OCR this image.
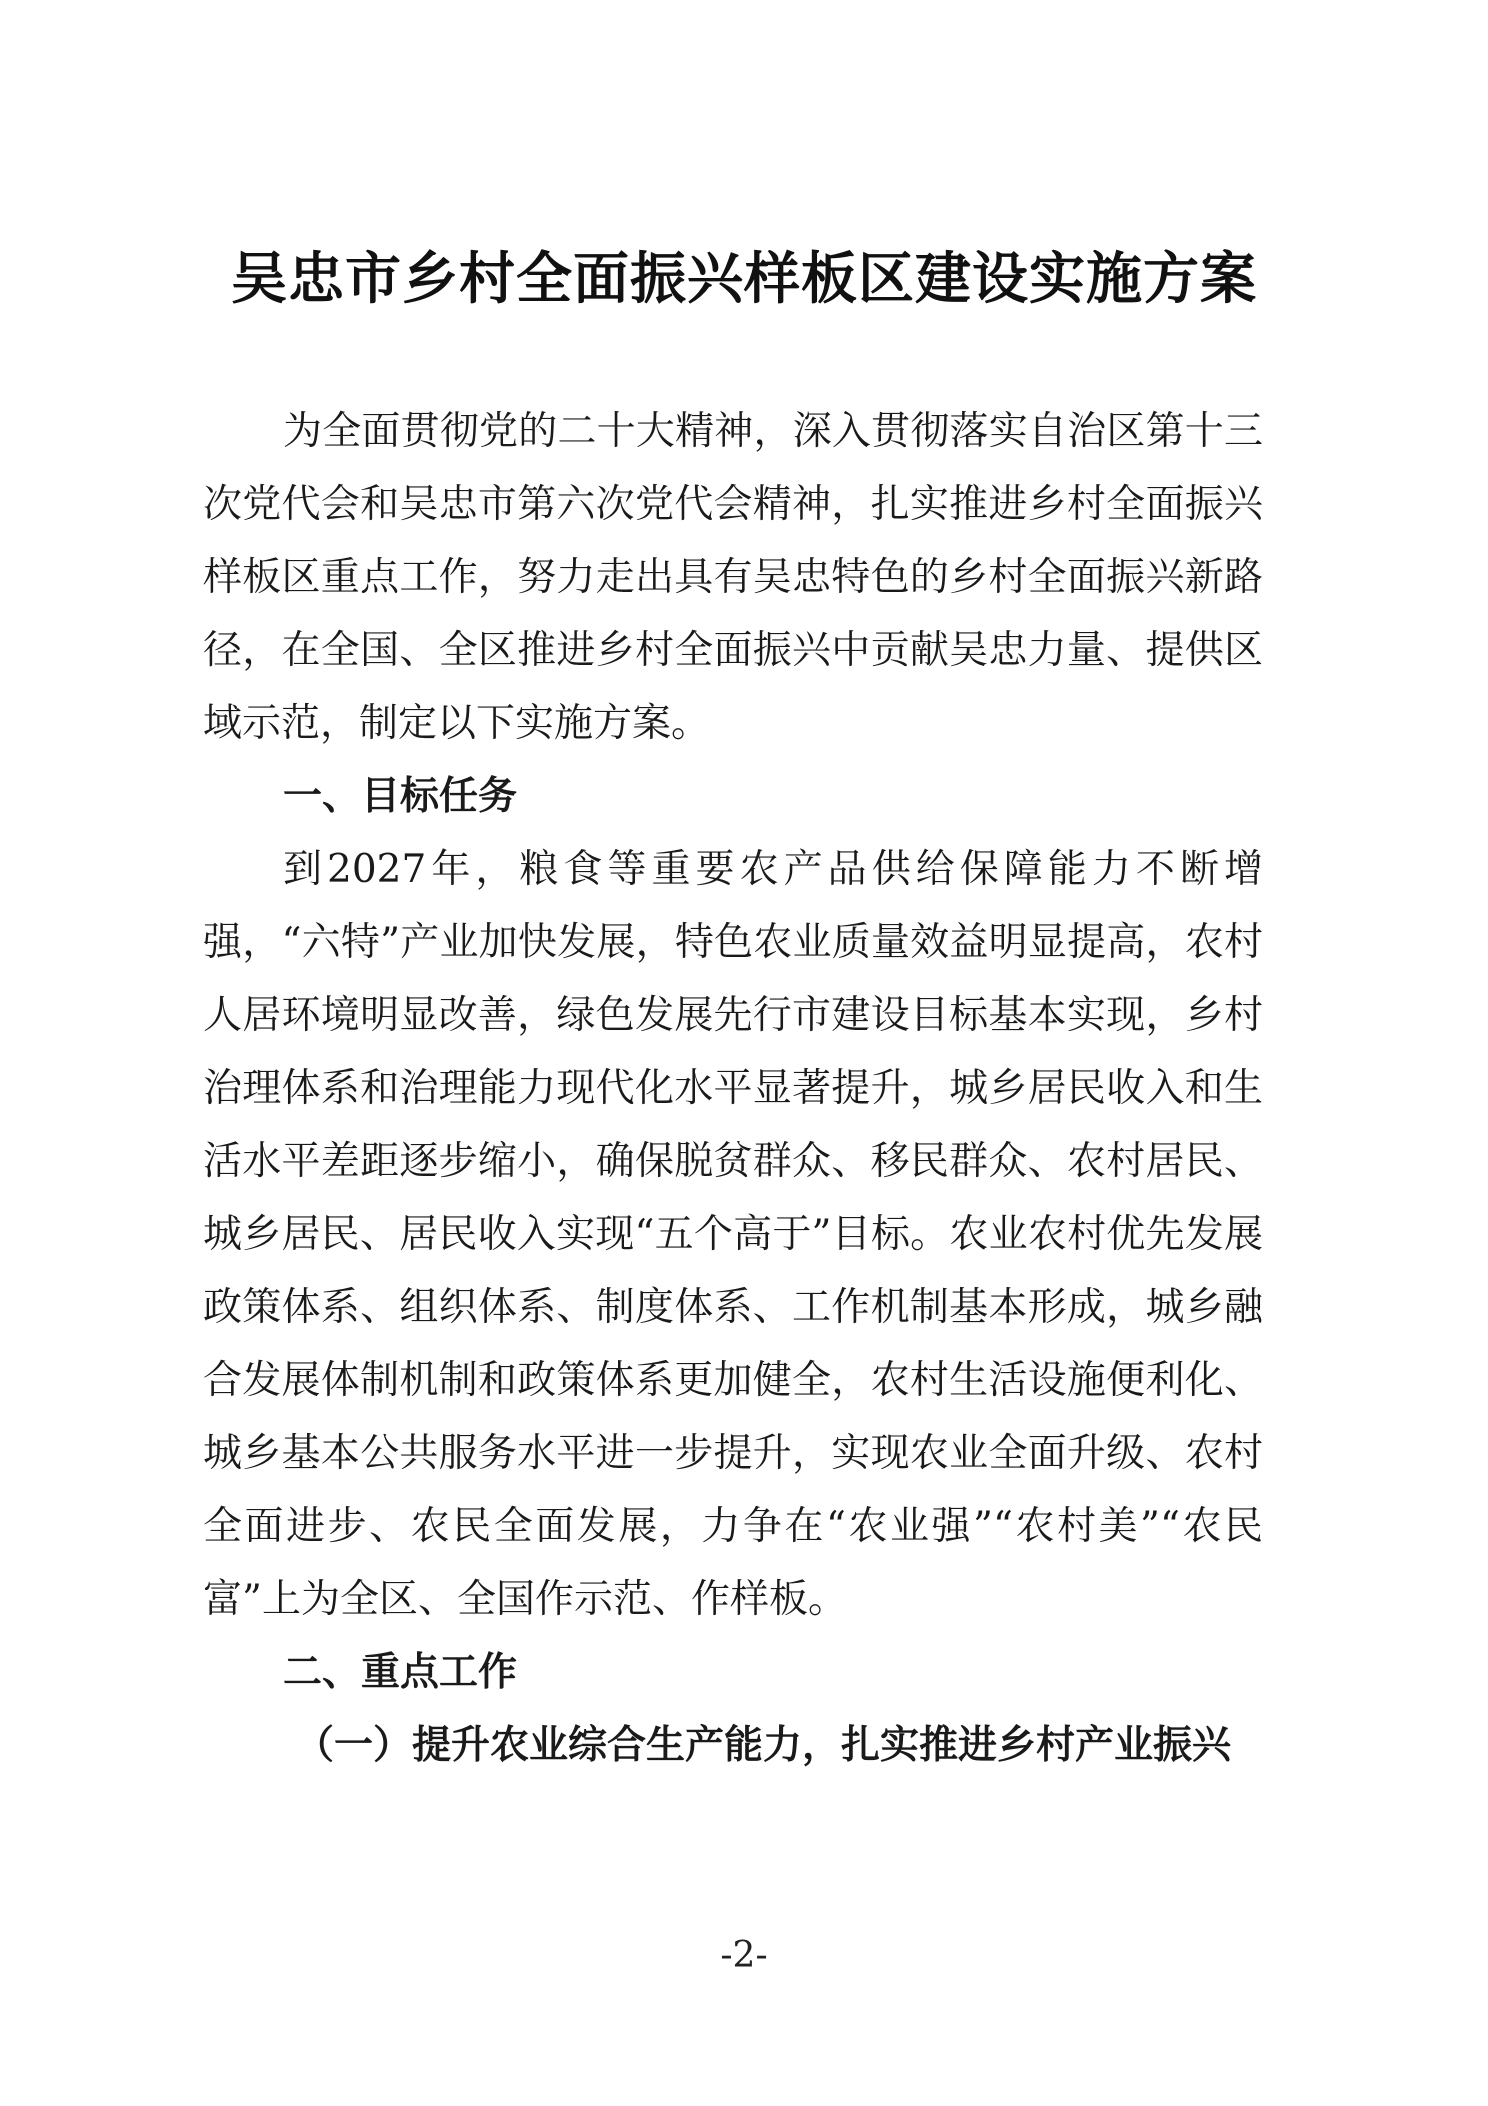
吴忠市乡村全面振兴样板区建设实施方案

为全面贯彻党的二十大精神，深入贯彻落实自治区第十三次党代会和吴忠市第六次党代会精神，扎实推进乡村全面振兴样板区重点工作，努力走出具有吴忠特色的乡村全面振兴新路径，在全国、全区推进乡村全面振兴中贡献吴忠力量、提供区域示范，制定以下实施方案。

一、目标任务

到2027年，粮食等重要农产品供给保障能力不断增强，“六特”产业加快发展，特色农业质量效益明显提高，农村人居环境明显改善，绿色发展先行市建设目标基本实现，乡村治理体系和治理能力现代化水平显著提升，城乡居民收入和生活水平差距逐步缩小，确保脱贫群众、移民群众、农村居民、城乡居民、居民收入实现“五个高于”目标。农业农村优先发展政策体系、组织体系、制度体系、工作机制基本形成，城乡融合发展体制机制和政策体系更加健全，农村生活设施便利化、城乡基本公共服务水平进一步提升，实现农业全面升级、农村全面进步、农民全面发展，力争在“农业强”“农村美”“农民富”上为全区、全国作示范、作样板。

二、重点工作

（一）提升农业综合生产能力，扎实推进乡村产业振兴

-2-
